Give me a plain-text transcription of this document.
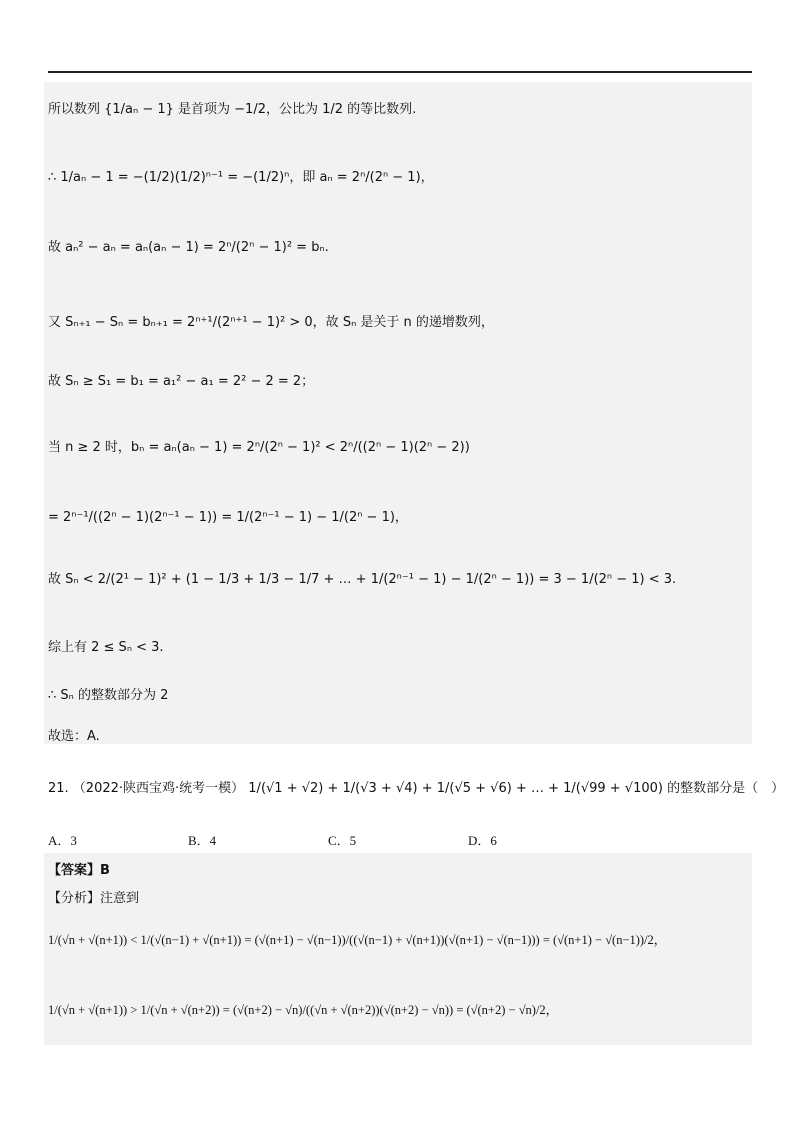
所以数列 {1/aₙ − 1} 是首项为 −1/2，公比为 1/2 的等比数列.
∴ 1/aₙ − 1 = −(1/2)(1/2)ⁿ⁻¹ = −(1/2)ⁿ，即 aₙ = 2ⁿ/(2ⁿ − 1)，
故 aₙ² − aₙ = aₙ(aₙ − 1) = 2ⁿ/(2ⁿ − 1)² = bₙ.
又 Sₙ₊₁ − Sₙ = bₙ₊₁ = 2ⁿ⁺¹/(2ⁿ⁺¹ − 1)² > 0，故 Sₙ 是关于 n 的递增数列，
故 Sₙ ≥ S₁ = b₁ = a₁² − a₁ = 2² − 2 = 2；
当 n ≥ 2 时，bₙ = aₙ(aₙ − 1) = 2ⁿ/(2ⁿ − 1)² < 2ⁿ/((2ⁿ − 1)(2ⁿ − 2))
= 2ⁿ⁻¹/((2ⁿ − 1)(2ⁿ⁻¹ − 1)) = 1/(2ⁿ⁻¹ − 1) − 1/(2ⁿ − 1)，
故 Sₙ < 2/(2¹ − 1)² + (1 − 1/3 + 1/3 − 1/7 + … + 1/(2ⁿ⁻¹ − 1) − 1/(2ⁿ − 1)) = 3 − 1/(2ⁿ − 1) < 3.
综上有 2 ≤ Sₙ < 3.
∴ Sₙ 的整数部分为 2
故选：A.
21. （2022·陕西宝鸡·统考一模） 1/(√1 + √2) + 1/(√3 + √4) + 1/(√5 + √6) + … + 1/(√99 + √100) 的整数部分是（　）
A．3	B．4	C．5	D．6
【答案】B
【分析】注意到
1/(√n + √(n+1)) < 1/(√(n−1) + √(n+1)) = (√(n+1) − √(n−1))/((√(n−1) + √(n+1))(√(n+1) − √(n−1))) = (√(n+1) − √(n−1))/2，
1/(√n + √(n+1)) > 1/(√n + √(n+2)) = (√(n+2) − √n)/((√n + √(n+2))(√(n+2) − √n)) = (√(n+2) − √n)/2，
